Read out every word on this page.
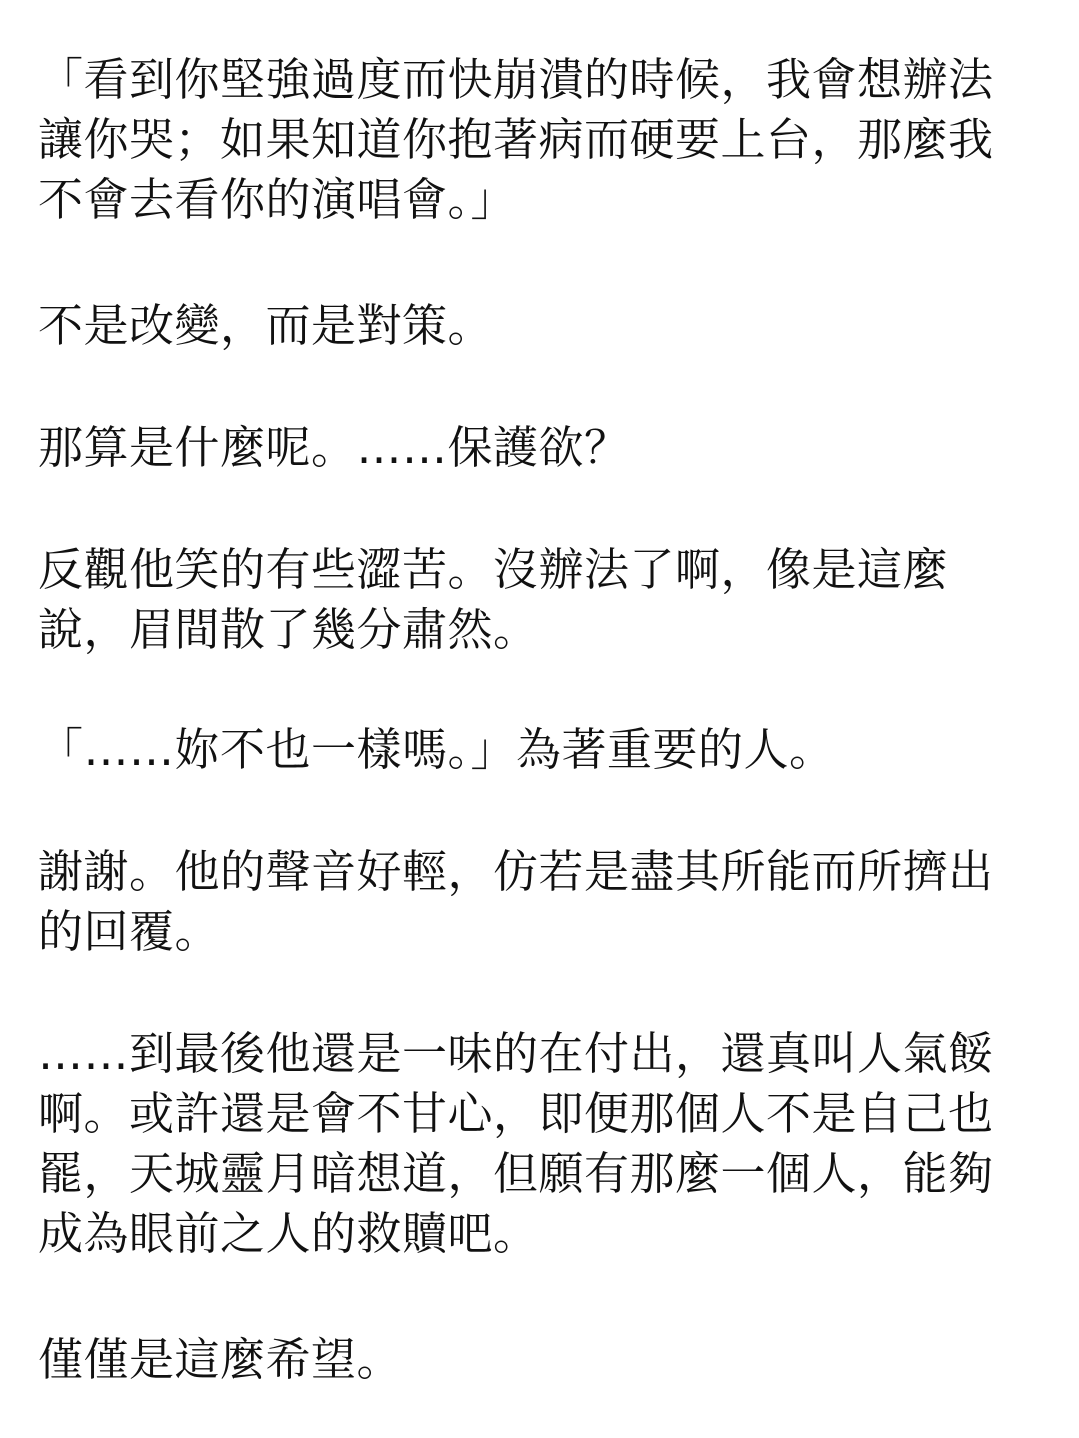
「看到你堅強過度而快崩潰的時候，我會想辦法
讓你哭；如果知道你抱著病而硬要上台，那麼我
不會去看你的演唱會。」

不是改變，而是對策。

那算是什麼呢。……保護欲？

反觀他笑的有些澀苦。沒辦法了啊，像是這麼
說，眉間散了幾分肅然。

「……妳不也一樣嗎。」為著重要的人。

謝謝。他的聲音好輕，仿若是盡其所能而所擠出
的回覆。

……到最後他還是一味的在付出，還真叫人氣餒
啊。或許還是會不甘心，即便那個人不是自己也
罷，天城靈月暗想道，但願有那麼一個人，能夠
成為眼前之人的救贖吧。

僅僅是這麼希望。
